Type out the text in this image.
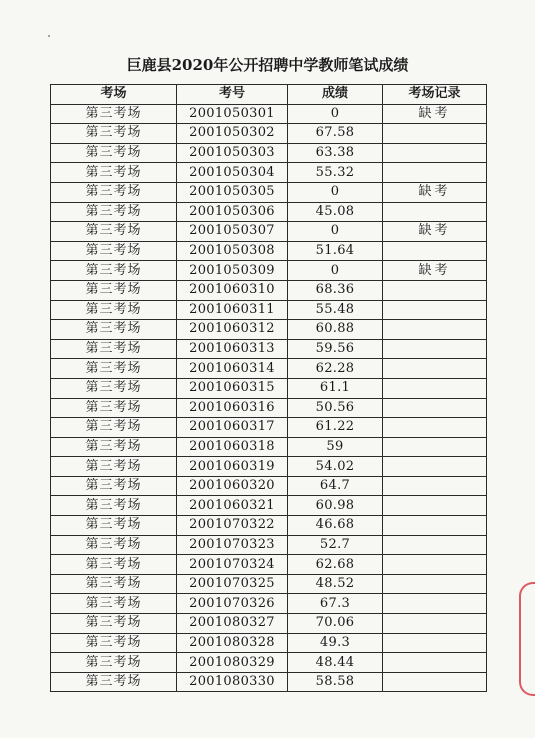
巨鹿县2020年公开招聘中学教师笔试成绩
考场	考号	成绩	考场记录
第三考场	2001050301	0	缺考
第三考场	2001050302	67.58	
第三考场	2001050303	63.38	
第三考场	2001050304	55.32	
第三考场	2001050305	0	缺考
第三考场	2001050306	45.08	
第三考场	2001050307	0	缺考
第三考场	2001050308	51.64	
第三考场	2001050309	0	缺考
第三考场	2001060310	68.36	
第三考场	2001060311	55.48	
第三考场	2001060312	60.88	
第三考场	2001060313	59.56	
第三考场	2001060314	62.28	
第三考场	2001060315	61.1	
第三考场	2001060316	50.56	
第三考场	2001060317	61.22	
第三考场	2001060318	59	
第三考场	2001060319	54.02	
第三考场	2001060320	64.7	
第三考场	2001060321	60.98	
第三考场	2001070322	46.68	
第三考场	2001070323	52.7	
第三考场	2001070324	62.68	
第三考场	2001070325	48.52	
第三考场	2001070326	67.3	
第三考场	2001080327	70.06	
第三考场	2001080328	49.3	
第三考场	2001080329	48.44	
第三考场	2001080330	58.58	
